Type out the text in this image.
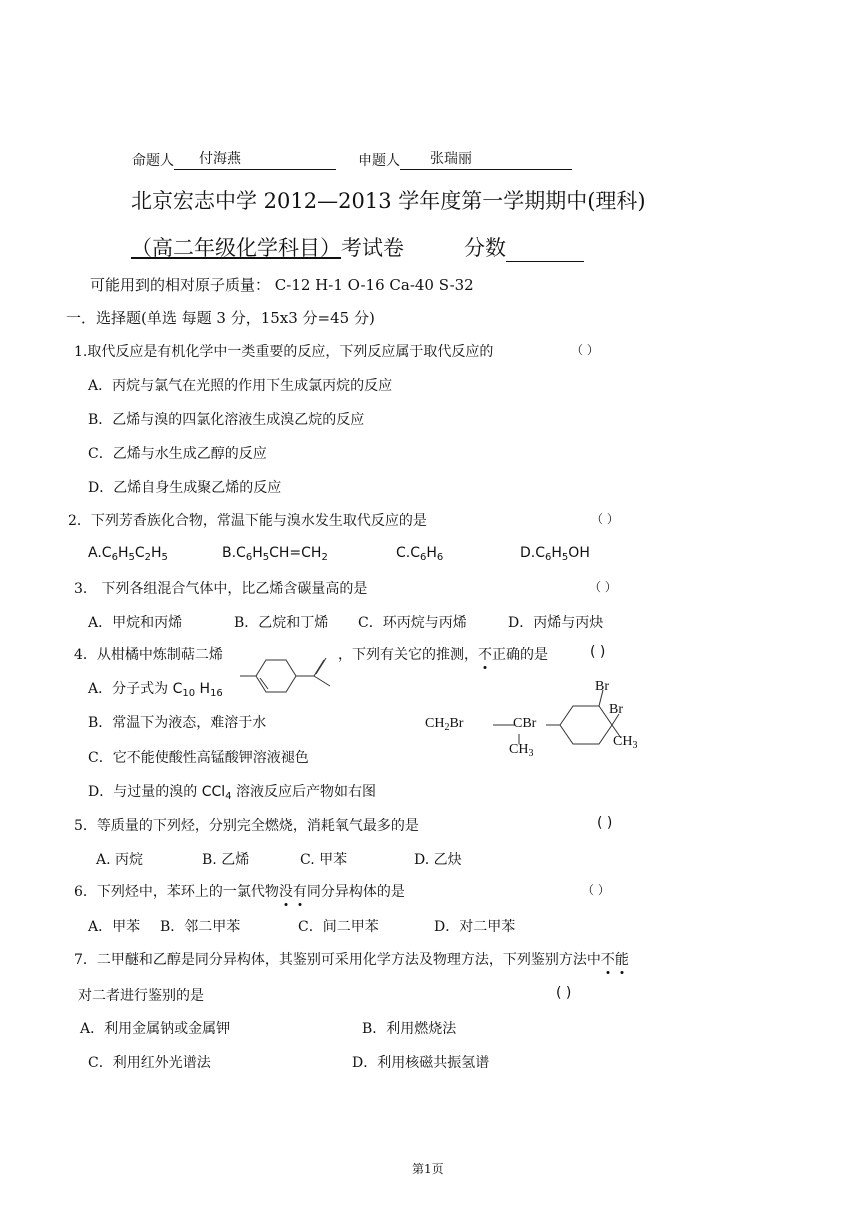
命题人 付海燕	申题人 张瑞丽
北京宏志中学 2012—2013 学年度第一学期期中(理科)
（高二年级化学科目）考试卷	分数
可能用到的相对原子质量： C-12 H-1 O-16 Ca-40 S-32
一．选择题(单选 每题 3 分，15x3 分=45 分)
1.取代反应是有机化学中一类重要的反应，下列反应属于取代反应的	（ ）
A．丙烷与氯气在光照的作用下生成氯丙烷的反应
B．乙烯与溴的四氯化溶液生成溴乙烷的反应
C．乙烯与水生成乙醇的反应
D．乙烯自身生成聚乙烯的反应
2．下列芳香族化合物，常温下能与溴水发生取代反应的是	（ ）
$A.C_6H_5C_2H_5$	$B.C_6H_5CH=CH_2$	$C.C_6H_6$	$D.C_6H_5OH$
3． 下列各组混合气体中，比乙烯含碳量高的是	（ ）
A．甲烷和丙烯	B．乙烷和丁烯 C．环丙烷与丙烯	D．丙烯与丙炔
4．从柑橘中炼制萜二烯	，下列有关它的推测，不正确的是	( )
A．分子式为 $C_{10}$ $H_{16}$
B．常温下为液态，难溶于水
C．它不能使酸性高锰酸钾溶液褪色
D．与过量的溴的 CCl$_4$ 溶液反应后产物如右图
Br
Br
$CH_2Br$	CBr
$CH_3$
$CH_3$
5．等质量的下列烃，分别完全燃烧，消耗氧气最多的是	( )
A. 丙烷	B. 乙烯	C. 甲苯	D. 乙炔
6．下列烃中，苯环上的一氯代物没有同分异构体的是	（ ）
A．甲苯 B．邻二甲苯	C．间二甲苯	D．对二甲苯
7．二甲醚和乙醇是同分异构体，其鉴别可采用化学方法及物理方法，下列鉴别方法中不能
对二者进行鉴别的是	( )
A．利用金属钠或金属钾	B．利用燃烧法
C．利用红外光谱法	D．利用核磁共振氢谱
第1页
